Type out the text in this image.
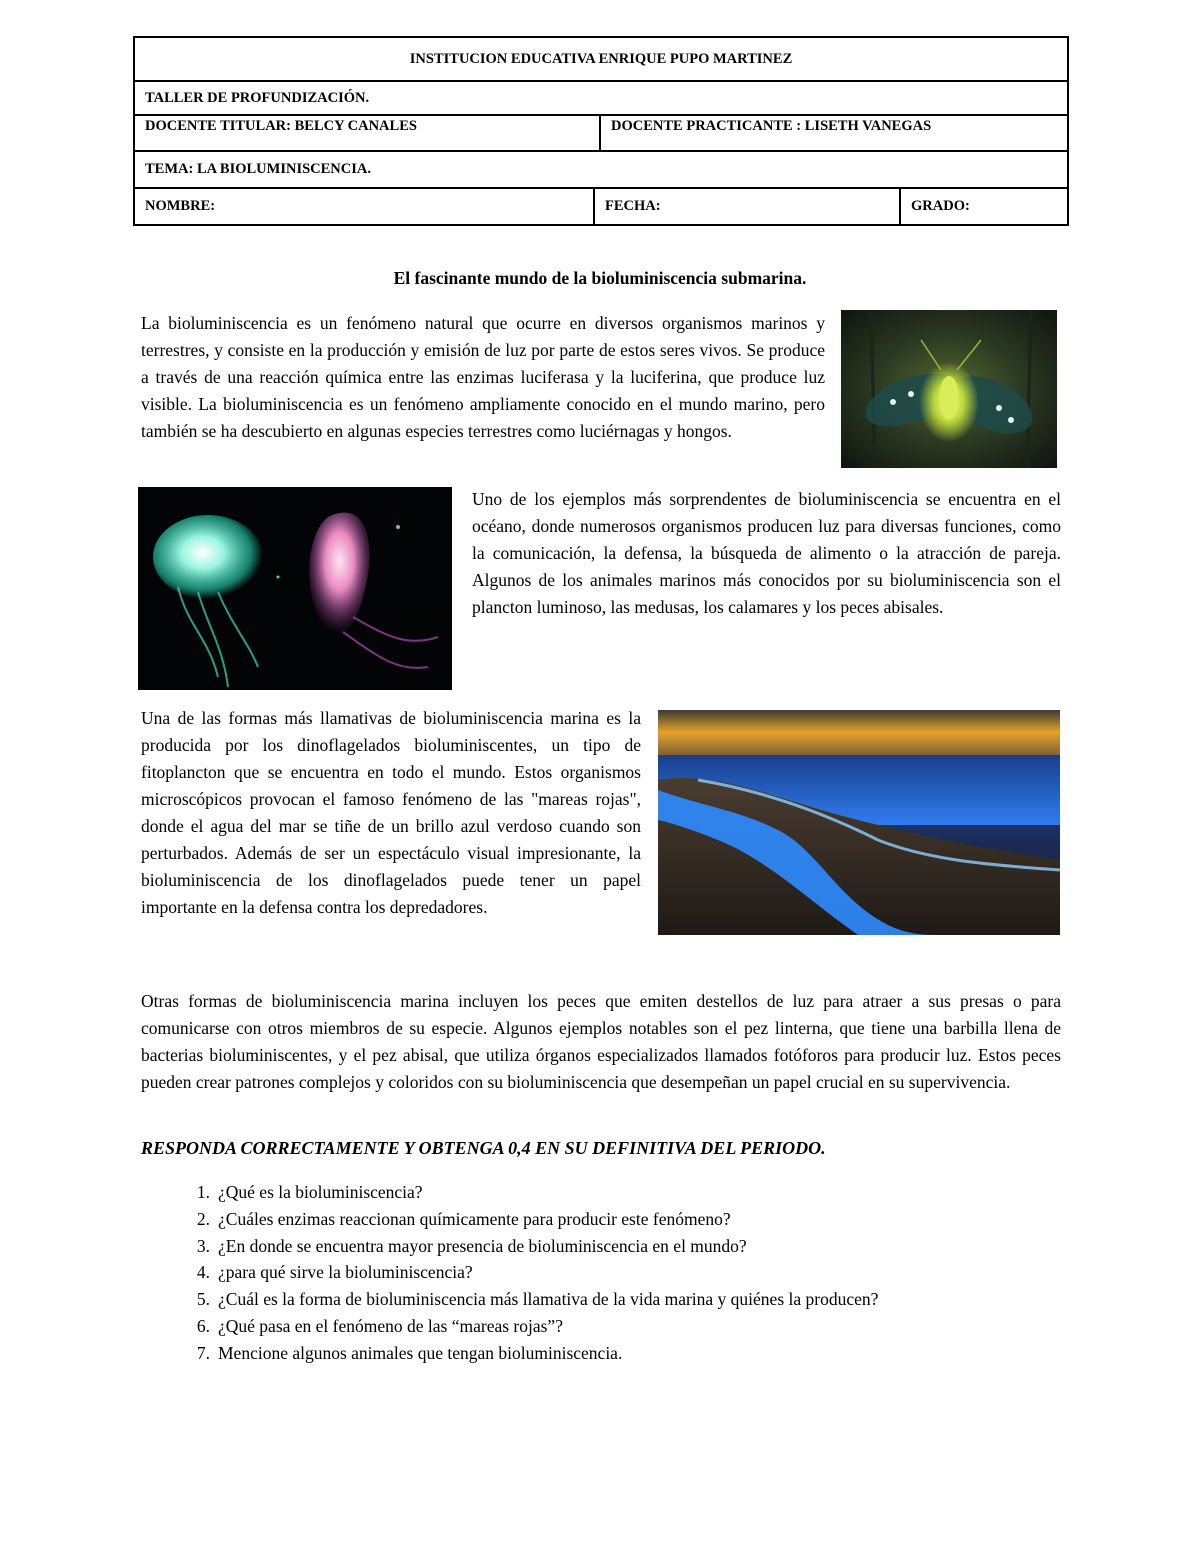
INSTITUCION EDUCATIVA ENRIQUE PUPO MARTINEZ			
TALLER DE PROFUNDIZACIÓN.			
DOCENTE TITULAR: BELCY CANALES		DOCENTE PRACTICANTE : LISETH VANEGAS	
TEMA: LA BIOLUMINISCENCIA.			
NOMBRE:	FECHA:		GRADO:
El fascinante mundo de la bioluminiscencia submarina.

La bioluminiscencia es un fenómeno natural que ocurre en diversos organismos marinos y terrestres, y consiste en la producción y emisión de luz por parte de estos seres vivos. Se produce a través de una reacción química entre las enzimas luciferasa y la luciferina, que produce luz visible. La bioluminiscencia es un fenómeno ampliamente conocido en el mundo marino, pero también se ha descubierto en algunas especies terrestres como luciérnagas y hongos.

Uno de los ejemplos más sorprendentes de bioluminiscencia se encuentra en el océano, donde numerosos organismos producen luz para diversas funciones, como la comunicación, la defensa, la búsqueda de alimento o la atracción de pareja. Algunos de los animales marinos más conocidos por su bioluminiscencia son el plancton luminoso, las medusas, los calamares y los peces abisales.

Una de las formas más llamativas de bioluminiscencia marina es la producida por los dinoflagelados bioluminiscentes, un tipo de fitoplancton que se encuentra en todo el mundo. Estos organismos microscópicos provocan el famoso fenómeno de las "mareas rojas", donde el agua del mar se tiñe de un brillo azul verdoso cuando son perturbados. Además de ser un espectáculo visual impresionante, la bioluminiscencia de los dinoflagelados puede tener un papel importante en la defensa contra los depredadores.

Otras formas de bioluminiscencia marina incluyen los peces que emiten destellos de luz para atraer a sus presas o para comunicarse con otros miembros de su especie. Algunos ejemplos notables son el pez linterna, que tiene una barbilla llena de bacterias bioluminiscentes, y el pez abisal, que utiliza órganos especializados llamados fotóforos para producir luz. Estos peces pueden crear patrones complejos y coloridos con su bioluminiscencia que desempeñan un papel crucial en su supervivencia.

RESPONDA CORRECTAMENTE Y OBTENGA 0,4 EN SU DEFINITIVA DEL PERIODO.
1. ¿Qué es la bioluminiscencia?
2. ¿Cuáles enzimas reaccionan químicamente para producir este fenómeno?
3. ¿En donde se encuentra mayor presencia de bioluminiscencia en el mundo?
4. ¿para qué sirve la bioluminiscencia?
5. ¿Cuál es la forma de bioluminiscencia más llamativa de la vida marina y quiénes la producen?
6. ¿Qué pasa en el fenómeno de las “mareas rojas”?
7. Mencione algunos animales que tengan bioluminiscencia.
